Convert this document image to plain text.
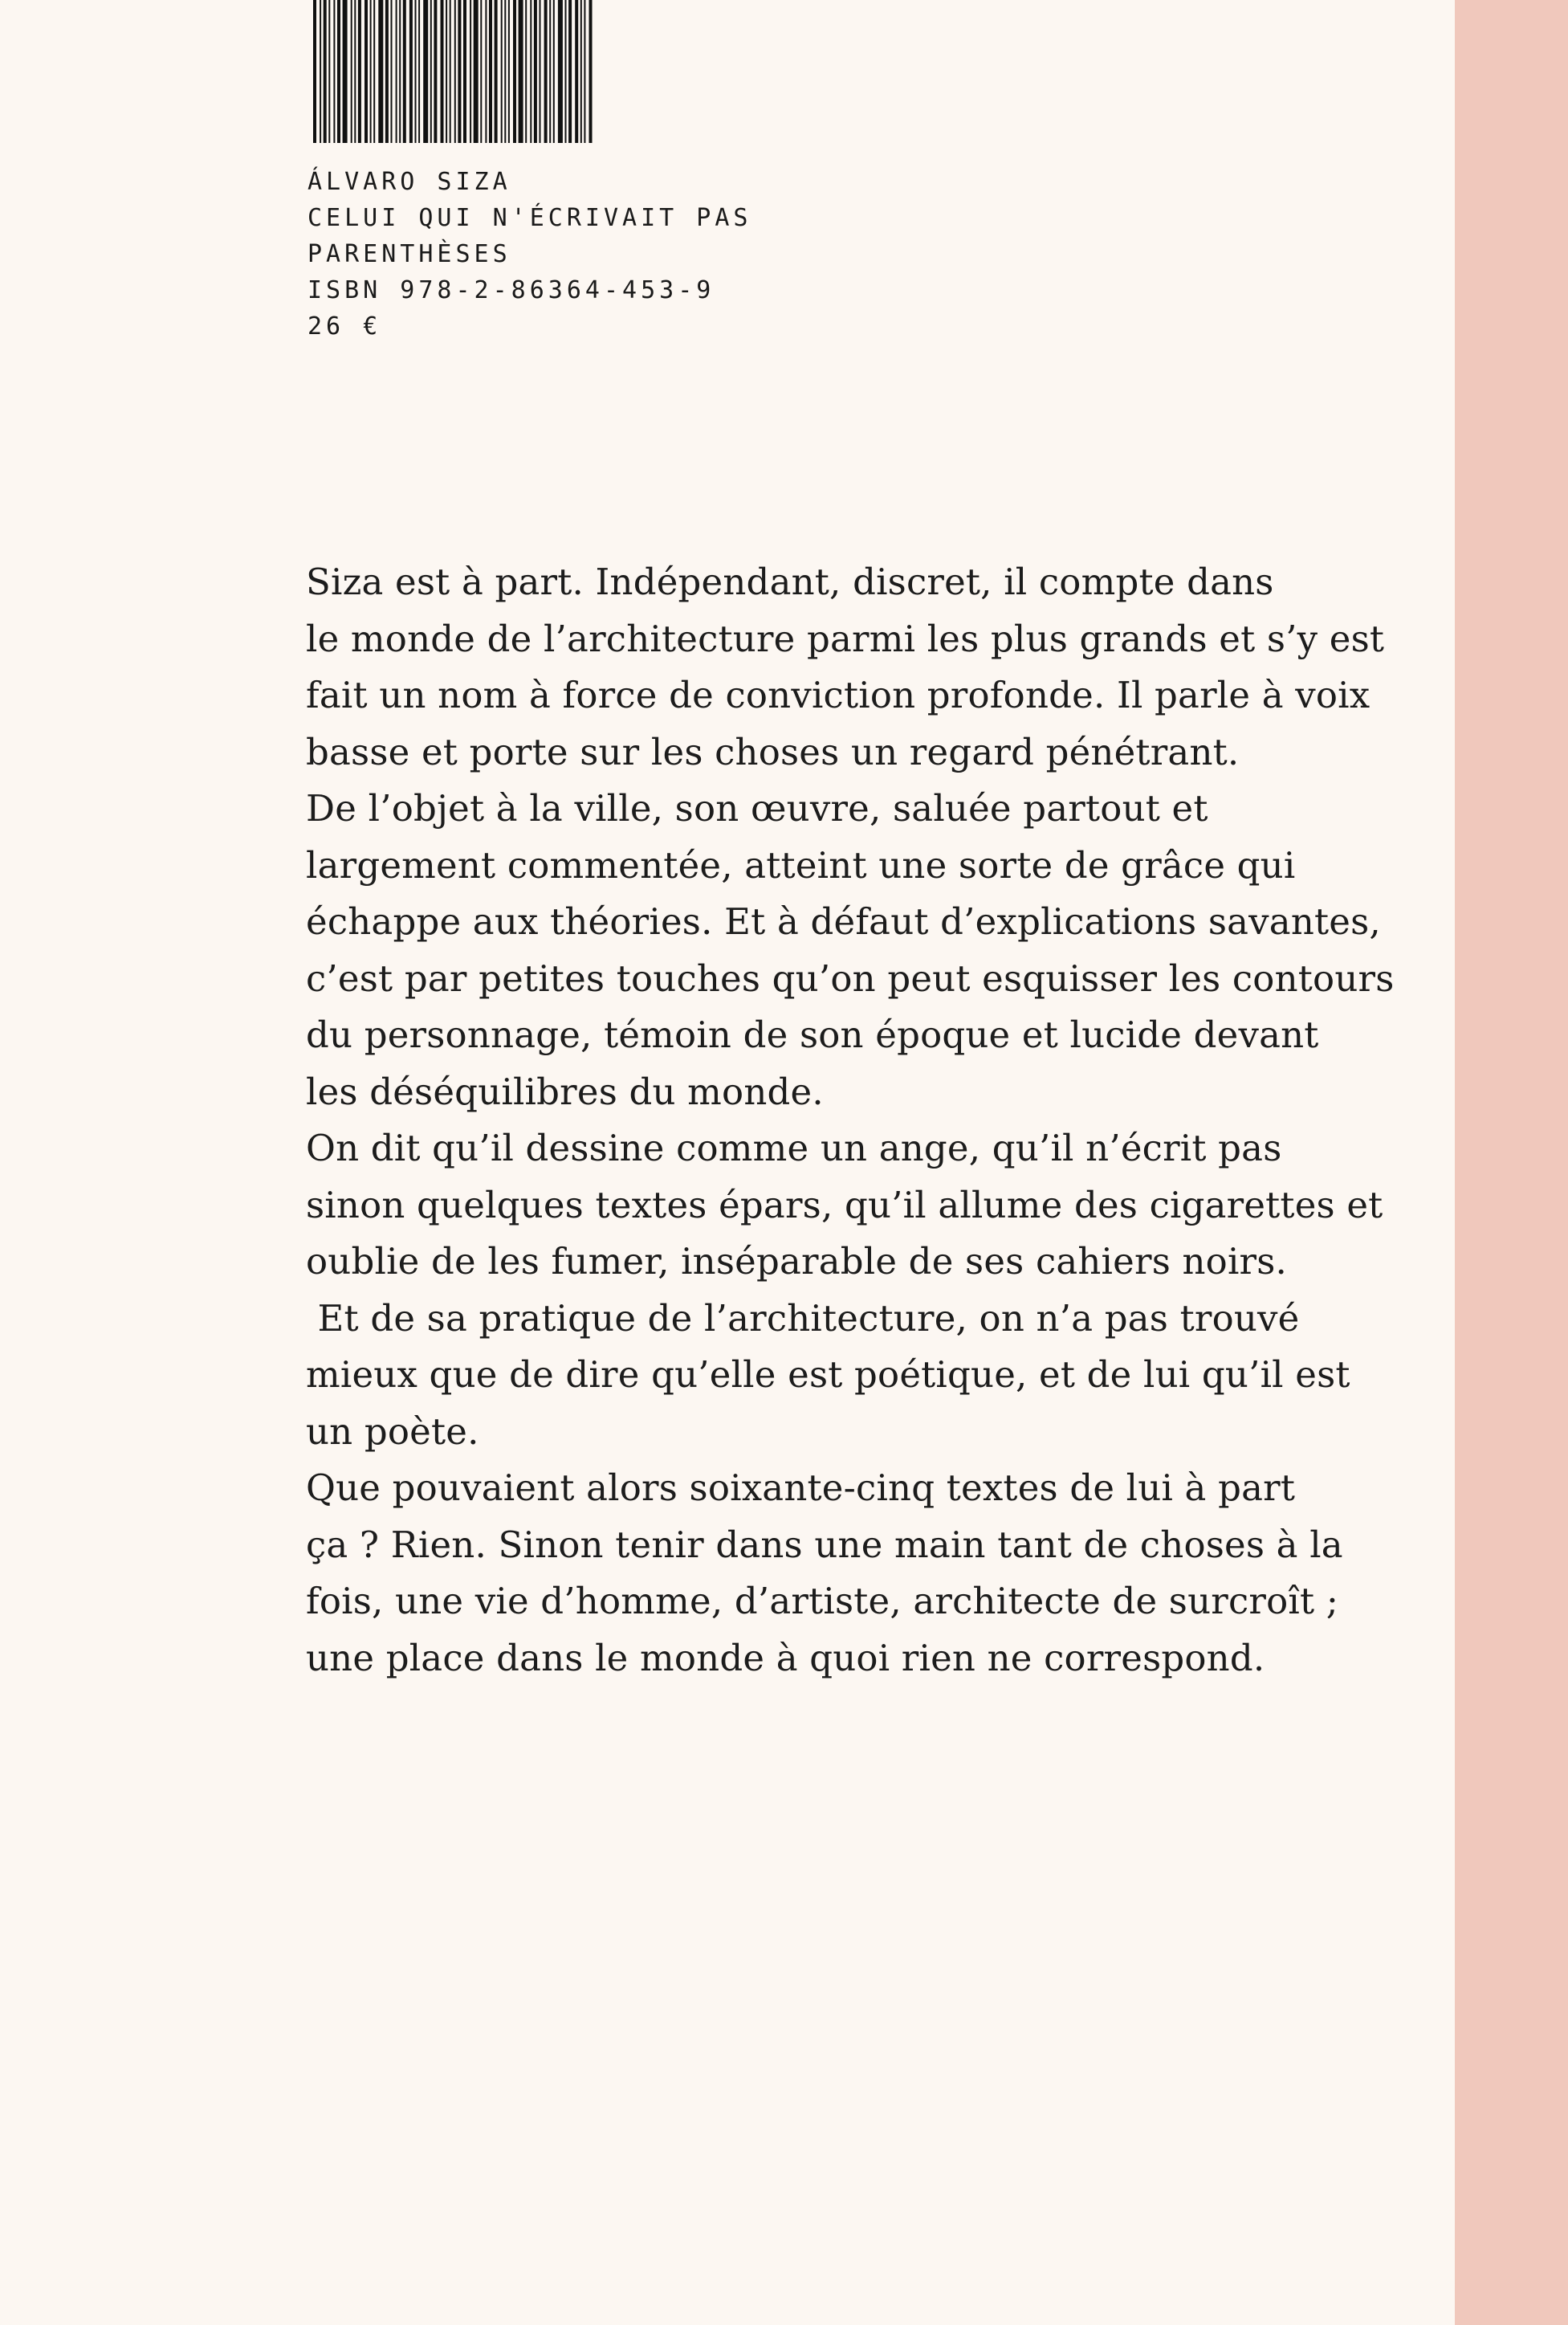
ÁLVARO SIZA
CELUI QUI N'ÉCRIVAIT PAS
PARENTHÈSES
ISBN 978-2-86364-453-9
26 €
Siza est à part. Indépendant, discret, il compte dans
le monde de l’architecture parmi les plus grands et s’y est
fait un nom à force de conviction profonde. Il parle à voix
basse et porte sur les choses un regard pénétrant.
De l’objet à la ville, son œuvre, saluée partout et
largement commentée, atteint une sorte de grâce qui
échappe aux théories. Et à défaut d’explications savantes,
c’est par petites touches qu’on peut esquisser les contours
du personnage, témoin de son époque et lucide devant
les déséquilibres du monde.
On dit qu’il dessine comme un ange, qu’il n’écrit pas
sinon quelques textes épars, qu’il allume des cigarettes et
oublie de les fumer, inséparable de ses cahiers noirs.
Et de sa pratique de l’architecture, on n’a pas trouvé
mieux que de dire qu’elle est poétique, et de lui qu’il est
un poète.
Que pouvaient alors soixante-cinq textes de lui à part
ça ? Rien. Sinon tenir dans une main tant de choses à la
fois, une vie d’homme, d’artiste, architecte de surcroît ;
une place dans le monde à quoi rien ne correspond.
